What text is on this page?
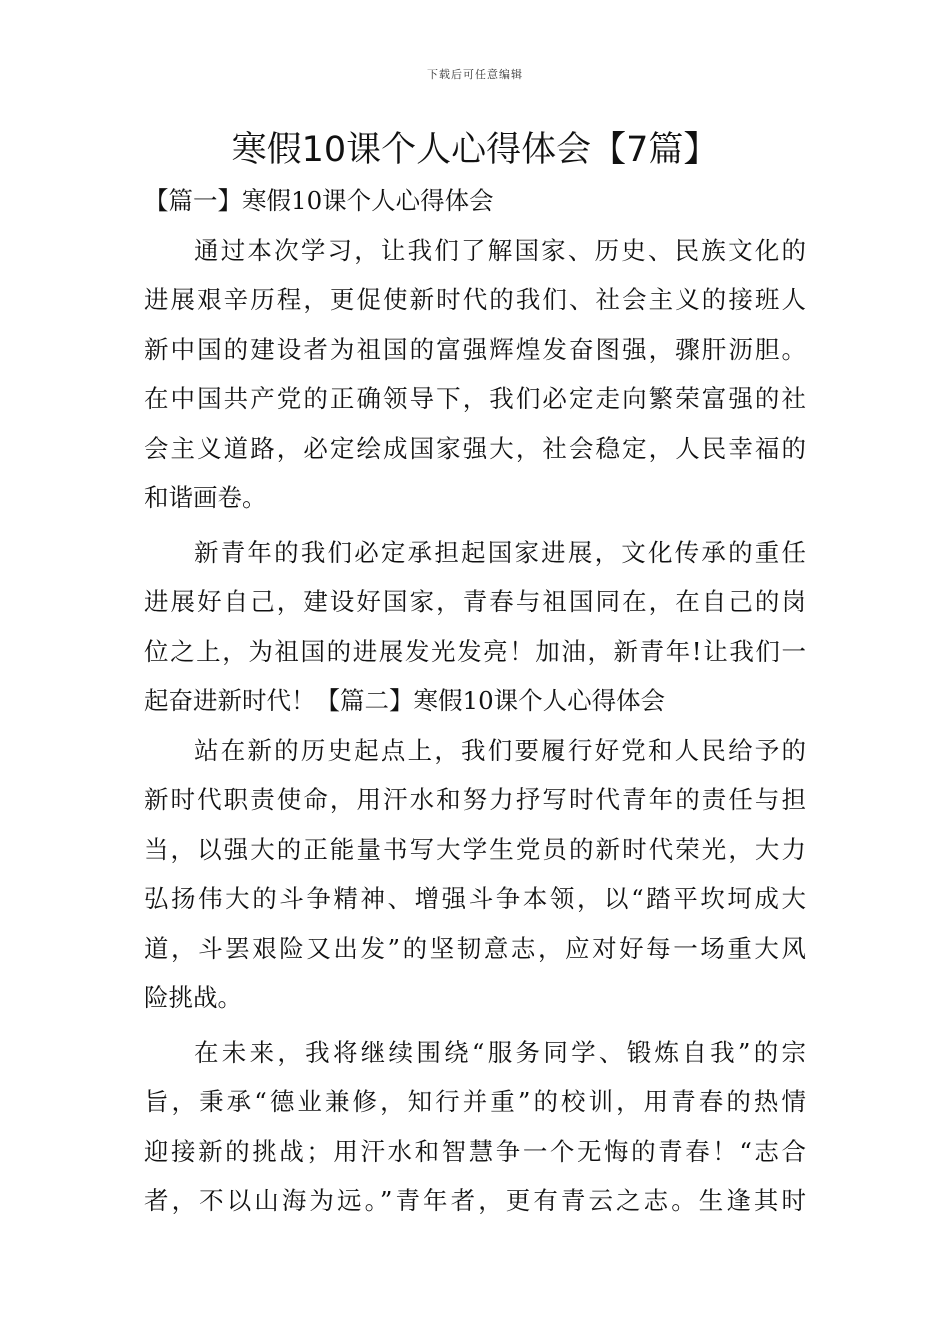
下载后可任意编辑
寒假10课个人心得体会【7篇】
【篇一】寒假10课个人心得体会
通过本次学习，让我们了解国家、历史、民族文化的
进展艰辛历程，更促使新时代的我们、社会主义的接班人
新中国的建设者为祖国的富强辉煌发奋图强，骤肝沥胆。
在中国共产党的正确领导下，我们必定走向繁荣富强的社
会主义道路，必定绘成国家强大，社会稳定，人民幸福的
和谐画卷。
新青年的我们必定承担起国家进展，文化传承的重任
进展好自己，建设好国家，青春与祖国同在，在自己的岗
位之上，为祖国的进展发光发亮！加油，新青年!让我们一
起奋进新时代！【篇二】寒假10课个人心得体会
站在新的历史起点上，我们要履行好党和人民给予的
新时代职责使命，用汗水和努力抒写时代青年的责任与担
当，以强大的正能量书写大学生党员的新时代荣光，大力
弘扬伟大的斗争精神、增强斗争本领，以“踏平坎坷成大
道，斗罢艰险又出发”的坚韧意志，应对好每一场重大风
险挑战。
在未来，我将继续围绕“服务同学、锻炼自我”的宗
旨，秉承“德业兼修，知行并重”的校训，用青春的热情
迎接新的挑战；用汗水和智慧争一个无悔的青春！“志合
者，不以山海为远。”青年者，更有青云之志。生逢其时
